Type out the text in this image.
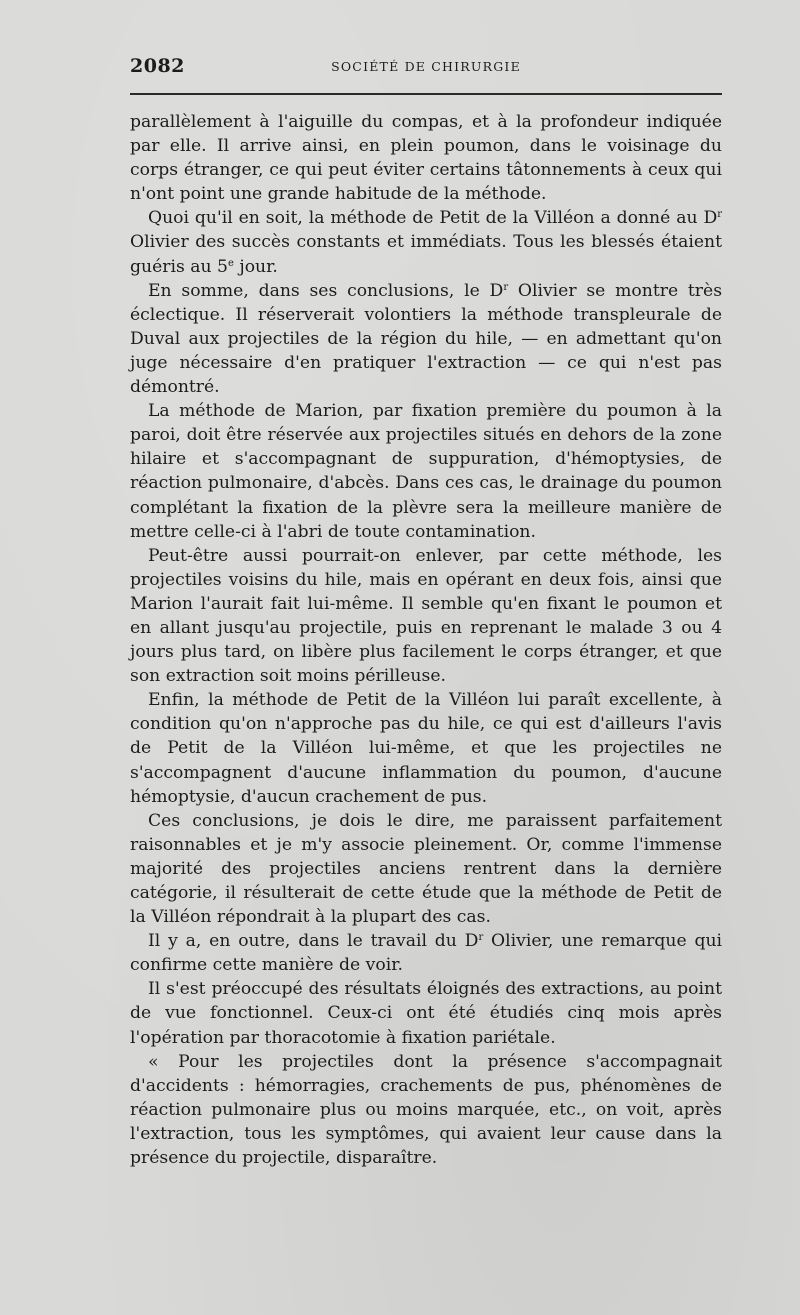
2082	SOCIÉTÉ DE CHIRURGIE

parallèlement à l'aiguille du compas, et à la profondeur indiquée par elle. Il arrive ainsi, en plein poumon, dans le voisinage du corps étranger, ce qui peut éviter certains tâtonnements à ceux qui n'ont point une grande habitude de la méthode.

Quoi qu'il en soit, la méthode de Petit de la Villéon a donné au $D^r$ Olivier des succès constants et immédiats. Tous les blessés étaient guéris au 5e jour.

En somme, dans ses conclusions, le $D^r$ Olivier se montre très éclectique. Il réserverait volontiers la méthode transpleurale de Duval aux projectiles de la région du hile, — en admettant qu'on juge nécessaire d'en pratiquer l'extraction — ce qui n'est pas démontré.

La méthode de Marion, par fixation première du poumon à la paroi, doit être réservée aux projectiles situés en dehors de la zone hilaire et s'accompagnant de suppuration, d'hémoptysies, de réaction pulmonaire, d'abcès. Dans ces cas, le drainage du poumon complétant la fixation de la plèvre sera la meilleure manière de mettre celle-ci à l'abri de toute contamination.

Peut-être aussi pourrait-on enlever, par cette méthode, les projectiles voisins du hile, mais en opérant en deux fois, ainsi que Marion l'aurait fait lui-même. Il semble qu'en fixant le poumon et en allant jusqu'au projectile, puis en reprenant le malade 3 ou 4 jours plus tard, on libère plus facilement le corps étranger, et que son extraction soit moins périlleuse.

Enfin, la méthode de Petit de la Villéon lui paraît excellente, à condition qu'on n'approche pas du hile, ce qui est d'ailleurs l'avis de Petit de la Villéon lui-même, et que les projectiles ne s'accompagnent d'aucune inflammation du poumon, d'aucune hémoptysie, d'aucun crachement de pus.

Ces conclusions, je dois le dire, me paraissent parfaitement raisonnables et je m'y associe pleinement. Or, comme l'immense majorité des projectiles anciens rentrent dans la dernière catégorie, il résulterait de cette étude que la méthode de Petit de la Villéon répondrait à la plupart des cas.

Il y a, en outre, dans le travail du $D^r$ Olivier, une remarque qui confirme cette manière de voir.

Il s'est préoccupé des résultats éloignés des extractions, au point de vue fonctionnel. Ceux-ci ont été étudiés cinq mois après l'opération par thoracotomie à fixation pariétale.

« Pour les projectiles dont la présence s'accompagnait d'accidents : hémorragies, crachements de pus, phénomènes de réaction pulmonaire plus ou moins marquée, etc., on voit, après l'extraction, tous les symptômes, qui avaient leur cause dans la présence du projectile, disparaître.
